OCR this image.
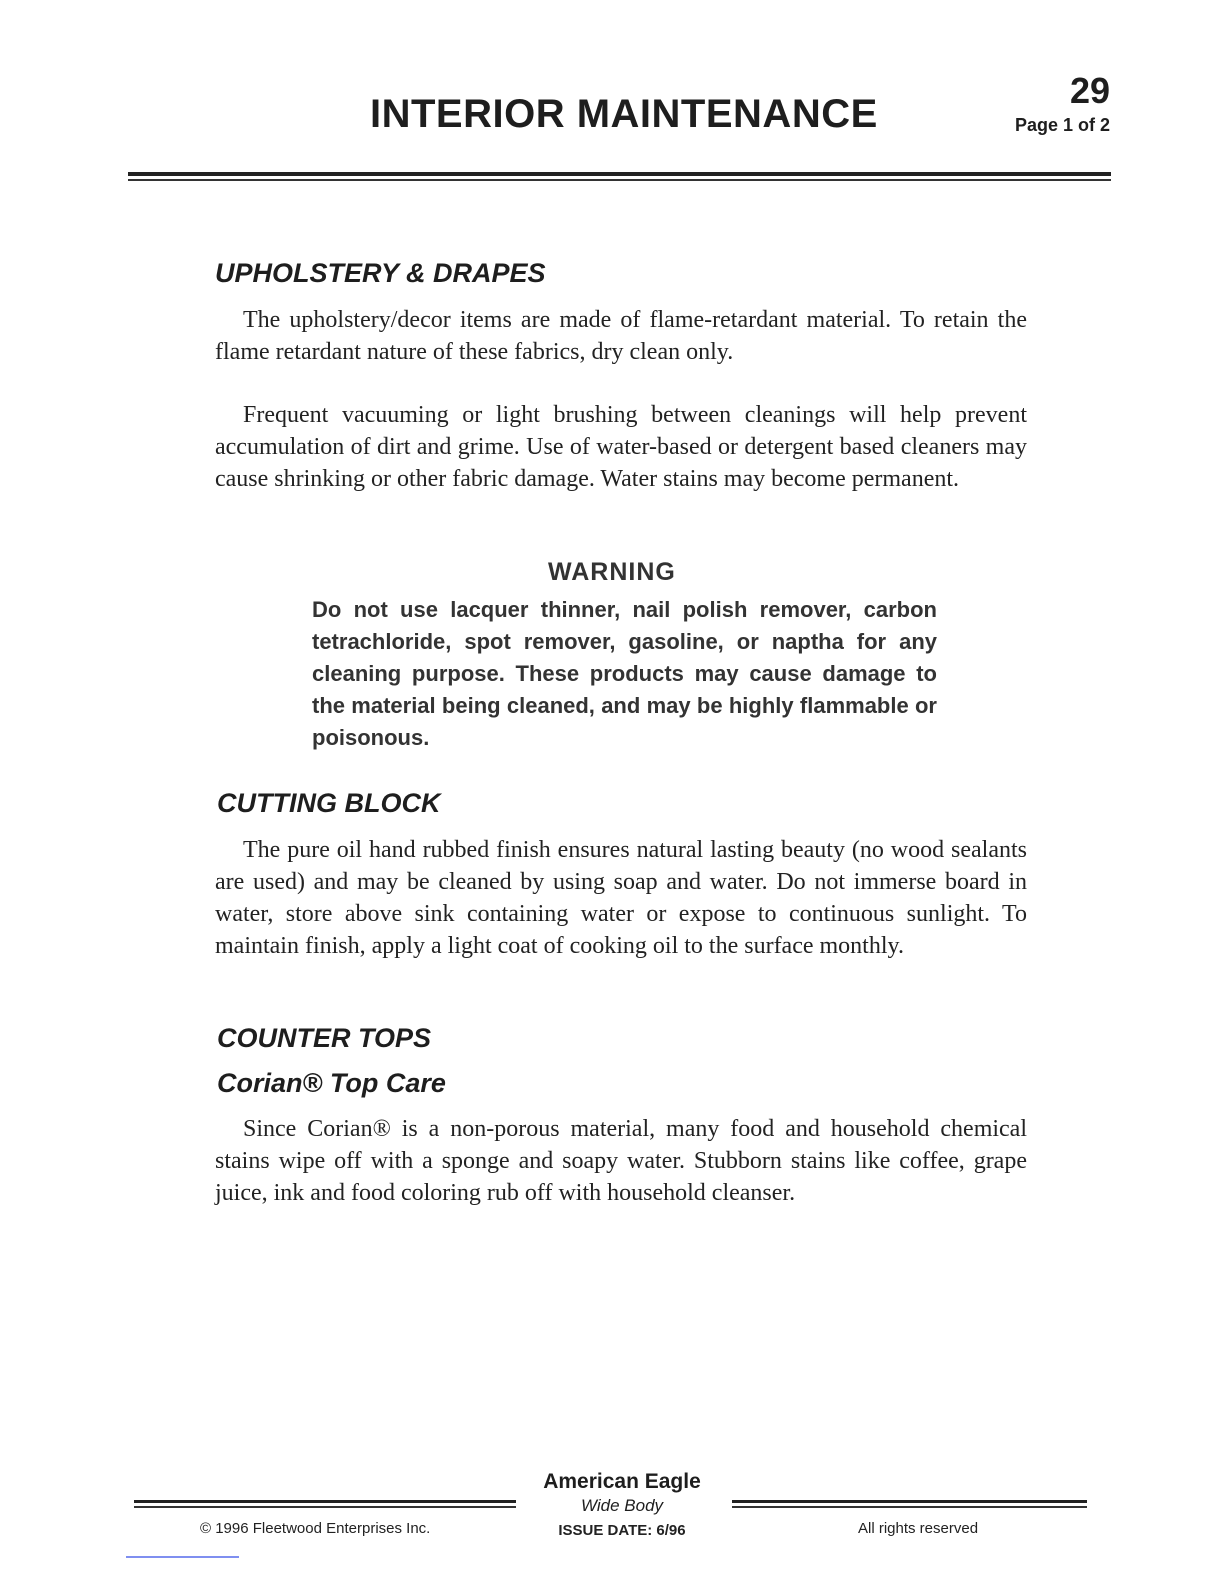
INTERIOR MAINTENANCE
29
Page 1 of 2
UPHOLSTERY & DRAPES

The upholstery/decor items are made of flame-retardant material. To retain the flame retardant nature of these fabrics, dry clean only.

Frequent vacuuming or light brushing between cleanings will help prevent accumulation of dirt and grime. Use of water-based or detergent based cleaners may cause shrinking or other fabric damage. Water stains may become permanent.

WARNING

Do not use lacquer thinner, nail polish remover, carbon tetrachloride, spot remover, gasoline, or naptha for any cleaning purpose. These products may cause damage to the material being cleaned, and may be highly flammable or poisonous.

CUTTING BLOCK

The pure oil hand rubbed finish ensures natural lasting beauty (no wood sealants are used) and may be cleaned by using soap and water. Do not immerse board in water, store above sink containing water or expose to continuous sunlight. To maintain finish, apply a light coat of cooking oil to the surface monthly.

COUNTER TOPS
Corian® Top Care

Since Corian® is a non-porous material, many food and household chemical stains wipe off with a sponge and soapy water. Stubborn stains like coffee, grape juice, ink and food coloring rub off with household cleanser.

American Eagle
Wide Body
© 1996 Fleetwood Enterprises Inc.	ISSUE DATE: 6/96	All rights reserved
